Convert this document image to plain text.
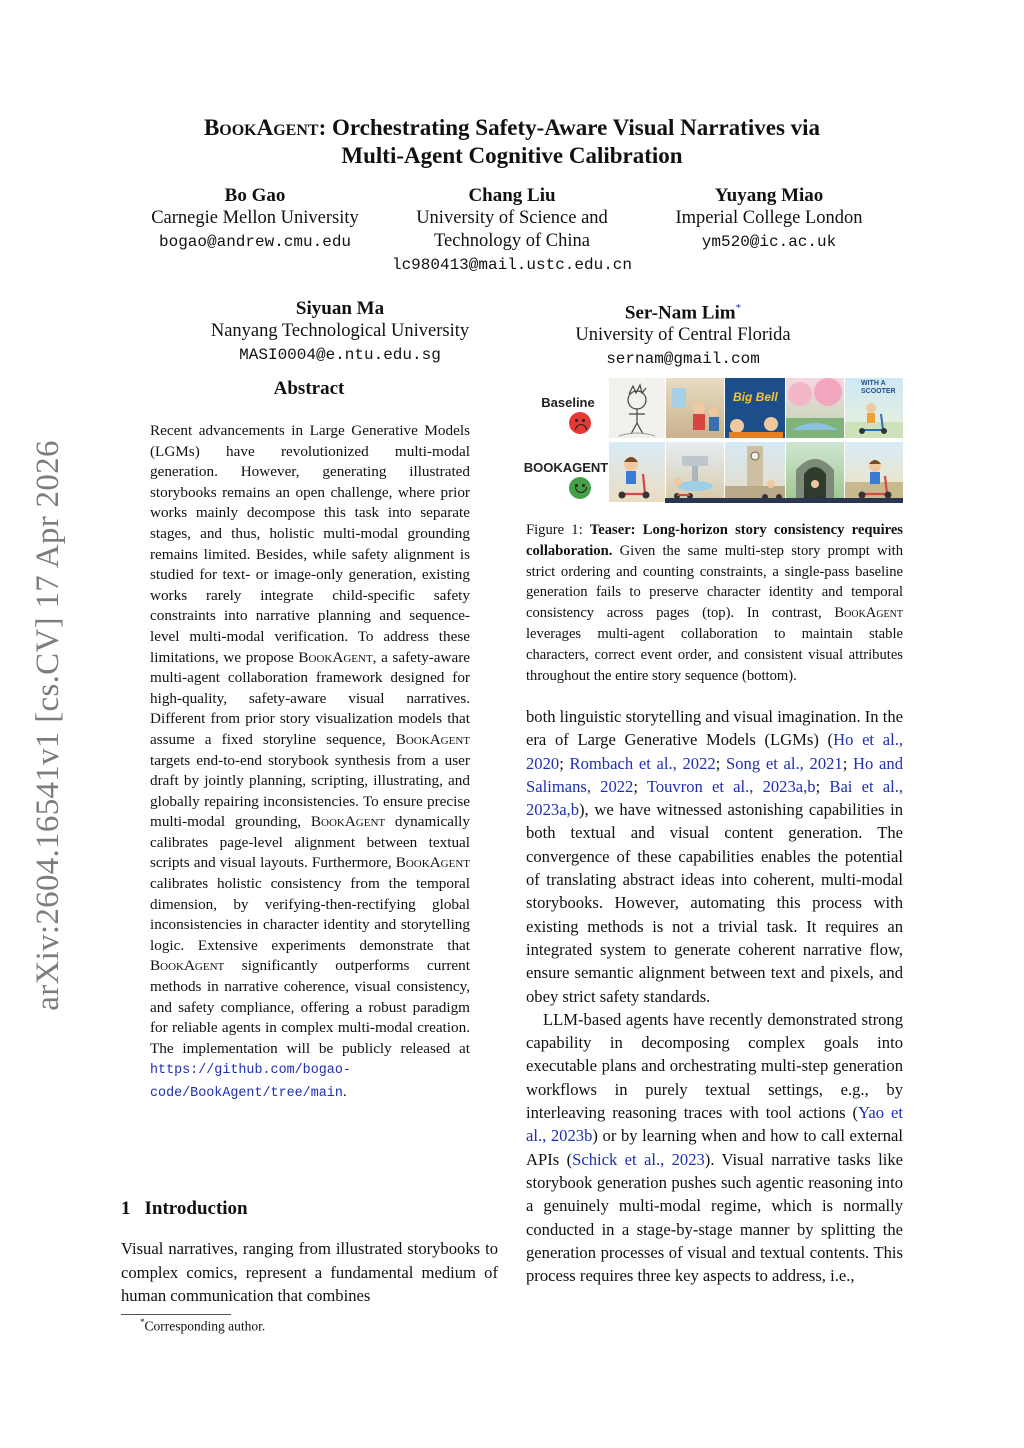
arXiv:2604.16541v1 [cs.CV] 17 Apr 2026
BookAgent: Orchestrating Safety-Aware Visual Narratives via
Multi-Agent Cognitive Calibration
Bo Gao
Carnegie Mellon University
bogao@andrew.cmu.edu
Chang Liu
University of Science and
Technology of China
lc980413@mail.ustc.edu.cn
Yuyang Miao
Imperial College London
ym520@ic.ac.uk
Siyuan Ma
Nanyang Technological University
MASI0004@e.ntu.edu.sg
Ser-Nam Lim*
University of Central Florida
sernam@gmail.com
Abstract
Recent advancements in Large Generative Models (LGMs) have revolutionized multi-modal generation. However, generating illustrated storybooks remains an open challenge, where prior works mainly decompose this task into separate stages, and thus, holistic multi-modal grounding remains limited. Besides, while safety alignment is studied for text- or image-only generation, existing works rarely integrate child-specific safety constraints into narrative planning and sequence-level multi-modal verification. To address these limitations, we propose BookAgent, a safety-aware multi-agent collaboration framework designed for high-quality, safety-aware visual narratives. Different from prior story visualization models that assume a fixed storyline sequence, BookAgent targets end-to-end storybook synthesis from a user draft by jointly planning, scripting, illustrating, and globally repairing inconsistencies. To ensure precise multi-modal grounding, BookAgent dynamically calibrates page-level alignment between textual scripts and visual layouts. Furthermore, BookAgent calibrates holistic consistency from the temporal dimension, by verifying-then-rectifying global inconsistencies in character identity and storytelling logic. Extensive experiments demonstrate that BookAgent significantly outperforms current methods in narrative coherence, visual consistency, and safety compliance, offering a robust paradigm for reliable agents in complex multi-modal creation. The implementation will be publicly released at https://github.com/bogao-code/BookAgent/tree/main.
1 Introduction
Visual narratives, ranging from illustrated storybooks to complex comics, represent a fundamental medium of human communication that combines
*Corresponding author.
Baseline	Big Bell
WITH A SCOOTER
BOOKAGENT
Figure 1: Teaser: Long-horizon story consistency requires collaboration. Given the same multi-step story prompt with strict ordering and counting constraints, a single-pass baseline generation fails to preserve character identity and temporal consistency across pages (top). In contrast, BookAgent leverages multi-agent collaboration to maintain stable characters, correct event order, and consistent visual attributes throughout the entire story sequence (bottom).

both linguistic storytelling and visual imagination. In the era of Large Generative Models (LGMs) (Ho et al., 2020; Rombach et al., 2022; Song et al., 2021; Ho and Salimans, 2022; Touvron et al., 2023a,b; Bai et al., 2023a,b), we have witnessed astonishing capabilities in both textual and visual content generation. The convergence of these capabilities enables the potential of translating abstract ideas into coherent, multi-modal storybooks. However, automating this process with existing methods is not a trivial task. It requires an integrated system to generate coherent narrative flow, ensure semantic alignment between text and pixels, and obey strict safety standards.

LLM-based agents have recently demonstrated strong capability in decomposing complex goals into executable plans and orchestrating multi-step generation workflows in purely textual settings, e.g., by interleaving reasoning traces with tool actions (Yao et al., 2023b) or by learning when and how to call external APIs (Schick et al., 2023). Visual narrative tasks like storybook generation pushes such agentic reasoning into a genuinely multi-modal regime, which is normally conducted in a stage-by-stage manner by splitting the generation processes of visual and textual contents. This process requires three key aspects to address, i.e.,
